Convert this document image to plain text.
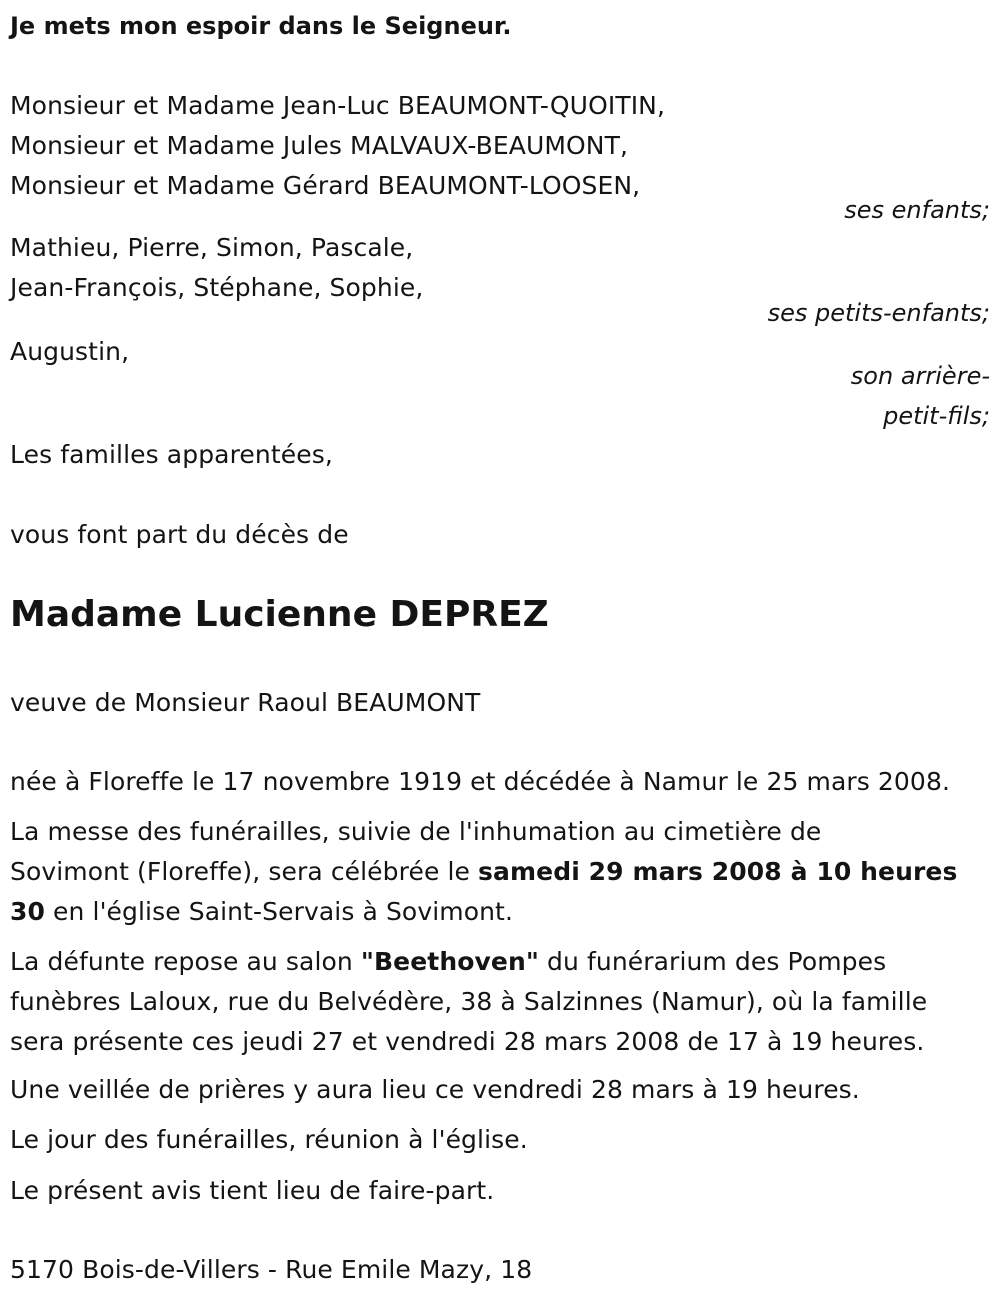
Je mets mon espoir dans le Seigneur.
Monsieur et Madame Jean-Luc BEAUMONT-QUOITIN,
Monsieur et Madame Jules MALVAUX-BEAUMONT,
Monsieur et Madame Gérard BEAUMONT-LOOSEN,
ses enfants;
Mathieu, Pierre, Simon, Pascale,
Jean-François, Stéphane, Sophie,
ses petits-enfants;
Augustin,
son arrière-
petit-fils;
Les familles apparentées,
vous font part du décès de
Madame Lucienne DEPREZ
veuve de Monsieur Raoul BEAUMONT
née à Floreffe le 17 novembre 1919 et décédée à Namur le 25 mars 2008.
La messe des funérailles, suivie de l'inhumation au cimetière de
Sovimont (Floreffe), sera célébrée le samedi 29 mars 2008 à 10 heures
30 en l'église Saint-Servais à Sovimont.
La défunte repose au salon "Beethoven" du funérarium des Pompes
funèbres Laloux, rue du Belvédère, 38 à Salzinnes (Namur), où la famille
sera présente ces jeudi 27 et vendredi 28 mars 2008 de 17 à 19 heures.
Une veillée de prières y aura lieu ce vendredi 28 mars à 19 heures.
Le jour des funérailles, réunion à l'église.
Le présent avis tient lieu de faire-part.
5170 Bois-de-Villers - Rue Emile Mazy, 18
